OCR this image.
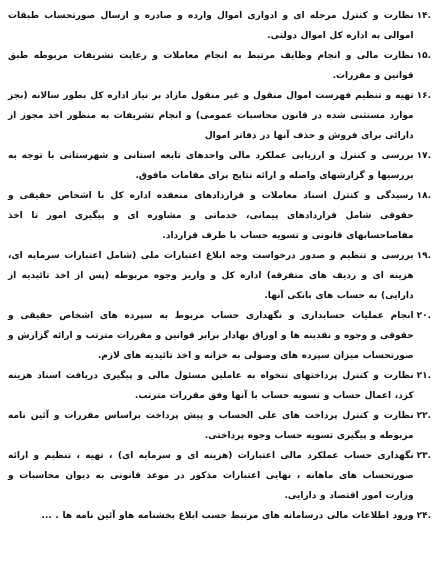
۱۴.
نظارت و کنترل مرحله ای و ادواری اموال وارده و صادره و ارسال صورتحساب طبقات اموالی به اداره کل اموال دولتی.
۱۵.
نظارت مالی و انجام وظایف مرتبط به انجام معاملات و رعایت تشریفات مربوطه طبق قوانین و مقررات.
۱۶.
تهیه و تنظیم فهرست اموال منقول و غیر منقول مازاد بر نیاز اداره کل بطور سالانه (بجز موارد مستثنی شده در قانون محاسبات عمومی) و انجام تشریفات به منظور اخذ مجوز از دارائی برای فروش و حذف آنها در دفاتر اموال
۱۷.
بررسی و کنترل و ارزیابی عملکرد مالی واحدهای تابعه استانی و شهرستانی با توجه به بررسیها و گزارشهای واصله و ارائه نتایج برای مقامات مافوق.
۱۸.
رسیدگی و کنترل اسناد معاملات و قراردادهای منعقده اداره کل با اشخاص حقیقی و حقوقی شامل قراردادهای پیمانی، خدماتی و مشاوره ای و پیگیری امور تا اخذ مفاصاحسابهای قانونی و تسویه حساب با طرف قرارداد.
۱۹.
بررسی و تنظیم و صدور درخواست وجه ابلاغ اعتبارات ملی (شامل اعتبارات سرمایه ای، هزینه ای و ردیف های متفرقه) اداره کل و واریز وجوه مربوطه (پس از اخذ تائیدیه از دارایی) به حساب های بانکی آنها.
۲۰.
انجام عملیات حسابداری و نگهداری حساب مربوط به سپرده های اشخاص حقیقی و حقوقی و وجوه و نقدینه ها و اوراق بهادار برابر قوانین و مقررات مترتب و ارائه گزارش و صورتحساب میزان سپرده های وصولی به خزانه و اخذ تائیدیه های لازم.
۲۱.
نظارت و کنترل پرداختهای تنخواه به عاملین مسئول مالی و پیگیری دریافت اسناد هزینه کرد، اعمال حساب و تسویه حساب با آنها وفق مقررات مترتب.
۲۲.
نظارت و کنترل پرداخت های علی الحساب و پیش پرداخت براساس مقررات و آئین نامه مربوطه و پیگیری تسویه حساب وجوه پرداختی.
۲۳.
نگهداری حساب عملکرد مالی اعتبارات (هزینه ای و سرمایه ای) ، تهیه ، تنظیم و ارائه صورتحساب های ماهانه ، نهایی اعتبارات مذکور در موعد قانونی به دیوان محاسبات و وزارت امور اقتصاد و دارایی.
۲۴.
ورود اطلاعات مالی درسامانه های مرتبط حسب ابلاغ بخشنامه هاو آئین نامه ها . ...
